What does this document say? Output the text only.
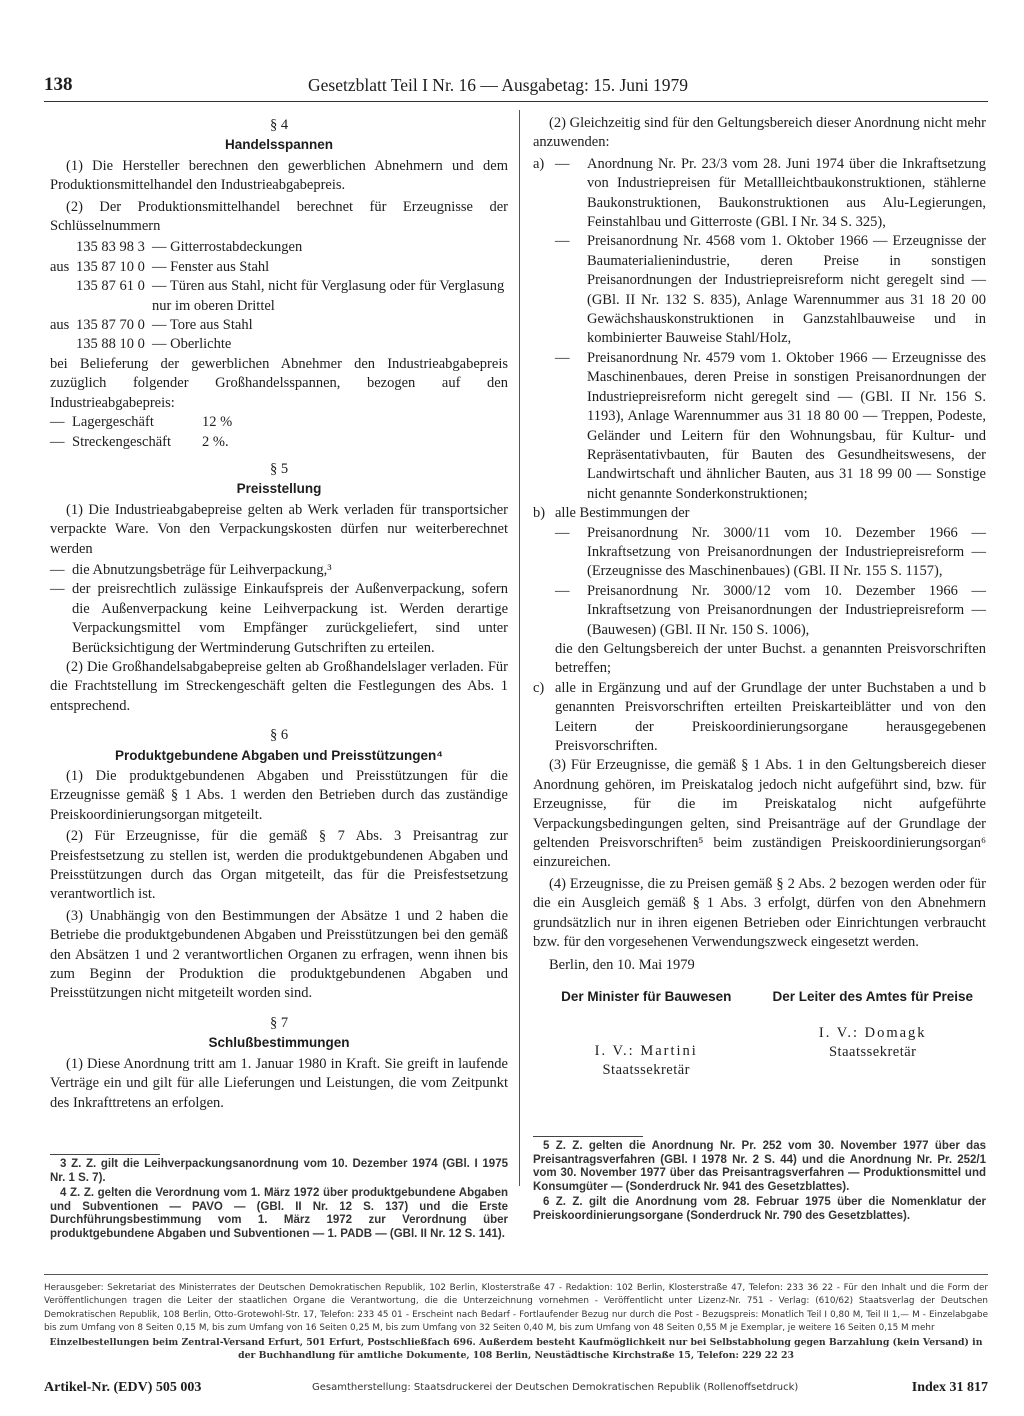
138	Gesetzblatt Teil I Nr. 16 — Ausgabetag: 15. Juni 1979

§ 4

Handelsspannen

(1) Die Hersteller berechnen den gewerblichen Abnehmern und dem Produktionsmittelhandel den Industrieabgabepreis.

(2) Der Produktionsmittelhandel berechnet für Erzeugnisse der Schlüsselnummern

135 83 98 3 — Gitterrostabdeckungen
aus 135 87 10 0 — Fenster aus Stahl
135 87 61 0 — Türen aus Stahl, nicht für Verglasung oder für Verglasung nur im oberen Drittel
aus 135 87 70 0 — Tore aus Stahl
135 88 10 0 — Oberlichte

bei Belieferung der gewerblichen Abnehmer den Industrieabgabepreis zuzüglich folgender Großhandelsspannen, bezogen auf den Industrieabgabepreis:

— Lagergeschäft	12 %
— Streckengeschäft	2 %.

§ 5

Preisstellung

(1) Die Industrieabgabepreise gelten ab Werk verladen für transportsicher verpackte Ware. Von den Verpackungskosten dürfen nur weiterberechnet werden

— die Abnutzungsbeträge für Leihverpackung,³
— der preisrechtlich zulässige Einkaufspreis der Außenverpackung, sofern die Außenverpackung keine Leihverpackung ist. Werden derartige Verpackungsmittel vom Empfänger zurückgeliefert, sind unter Berücksichtigung der Wertminderung Gutschriften zu erteilen.

(2) Die Großhandelsabgabepreise gelten ab Großhandelslager verladen. Für die Frachtstellung im Streckengeschäft gelten die Festlegungen des Abs. 1 entsprechend.

§ 6

Produktgebundene Abgaben und Preisstützungen⁴

(1) Die produktgebundenen Abgaben und Preisstützungen für die Erzeugnisse gemäß § 1 Abs. 1 werden den Betrieben durch das zuständige Preiskoordinierungsorgan mitgeteilt.

(2) Für Erzeugnisse, für die gemäß § 7 Abs. 3 Preisantrag zur Preisfestsetzung zu stellen ist, werden die produktgebundenen Abgaben und Preisstützungen durch das Organ mitgeteilt, das für die Preisfestsetzung verantwortlich ist.

(3) Unabhängig von den Bestimmungen der Absätze 1 und 2 haben die Betriebe die produktgebundenen Abgaben und Preisstützungen bei den gemäß den Absätzen 1 und 2 verantwortlichen Organen zu erfragen, wenn ihnen bis zum Beginn der Produktion die produktgebundenen Abgaben und Preisstützungen nicht mitgeteilt worden sind.

§ 7

Schlußbestimmungen

(1) Diese Anordnung tritt am 1. Januar 1980 in Kraft. Sie greift in laufende Verträge ein und gilt für alle Lieferungen und Leistungen, die vom Zeitpunkt des Inkrafttretens an erfolgen.

(2) Gleichzeitig sind für den Geltungsbereich dieser Anordnung nicht mehr anzuwenden:

a) —	Anordnung Nr. Pr. 23/3 vom 28. Juni 1974 über die Inkraftsetzung von Industriepreisen für Metallleichtbaukonstruktionen, stählerne Baukonstruktionen, Baukonstruktionen aus Alu-Legierungen, Feinstahlbau und Gitterroste (GBl. I Nr. 34 S. 325),
—	Preisanordnung Nr. 4568 vom 1. Oktober 1966 — Erzeugnisse der Baumaterialienindustrie, deren Preise in sonstigen Preisanordnungen der Industriepreisreform nicht geregelt sind — (GBl. II Nr. 132 S. 835), Anlage Warennummer aus 31 18 20 00 Gewächshauskonstruktionen in Ganzstahlbauweise und in kombinierter Bauweise Stahl/Holz,
—	Preisanordnung Nr. 4579 vom 1. Oktober 1966 — Erzeugnisse des Maschinenbaues, deren Preise in sonstigen Preisanordnungen der Industriepreisreform nicht geregelt sind — (GBl. II Nr. 156 S. 1193), Anlage Warennummer aus 31 18 80 00 — Treppen, Podeste, Geländer und Leitern für den Wohnungsbau, für Kultur- und Repräsentativbauten, für Bauten des Gesundheitswesens, der Landwirtschaft und ähnlicher Bauten, aus 31 18 99 00 — Sonstige nicht genannte Sonderkonstruktionen;
b) alle Bestimmungen der

—	Preisanordnung Nr. 3000/11 vom 10. Dezember 1966 — Inkraftsetzung von Preisanordnungen der Industriepreisreform — (Erzeugnisse des Maschinenbaues) (GBl. II Nr. 155 S. 1157),
—	Preisanordnung Nr. 3000/12 vom 10. Dezember 1966 — Inkraftsetzung von Preisanordnungen der Industriepreisreform — (Bauwesen) (GBl. II Nr. 150 S. 1006),

die den Geltungsbereich der unter Buchst. a genannten Preisvorschriften betreffen;

c) alle in Ergänzung und auf der Grundlage der unter Buchstaben a und b genannten Preisvorschriften erteilten Preiskarteiblätter und von den Leitern der Preiskoordinierungsorgane herausgegebenen Preisvorschriften.

(3) Für Erzeugnisse, die gemäß § 1 Abs. 1 in den Geltungsbereich dieser Anordnung gehören, im Preiskatalog jedoch nicht aufgeführt sind, bzw. für Erzeugnisse, für die im Preiskatalog nicht aufgeführte Verpackungsbedingungen gelten, sind Preisanträge auf der Grundlage der geltenden Preisvorschriften⁵ beim zuständigen Preiskoordinierungsorgan⁶ einzureichen.

(4) Erzeugnisse, die zu Preisen gemäß § 2 Abs. 2 bezogen werden oder für die ein Ausgleich gemäß § 1 Abs. 3 erfolgt, dürfen von den Abnehmern grundsätzlich nur in ihren eigenen Betrieben oder Einrichtungen verbraucht bzw. für den vorgesehenen Verwendungszweck eingesetzt werden.

Berlin, den 10. Mai 1979

Der Minister für Bauwesen
I. V.: Martini
Staatssekretär
Der Leiter des Amtes für Preise
I. V.: Domagk
Staatssekretär

3 Z. Z. gilt die Leihverpackungsanordnung vom 10. Dezember 1974 (GBl. I 1975 Nr. 1 S. 7).

4 Z. Z. gelten die Verordnung vom 1. März 1972 über produktgebundene Abgaben und Subventionen — PAVO — (GBl. II Nr. 12 S. 137) und die Erste Durchführungsbestimmung vom 1. März 1972 zur Verordnung über produktgebundene Abgaben und Subventionen — 1. PADB — (GBl. II Nr. 12 S. 141).

5 Z. Z. gelten die Anordnung Nr. Pr. 252 vom 30. November 1977 über das Preisantragsverfahren (GBl. I 1978 Nr. 2 S. 44) und die Anordnung Nr. Pr. 252/1 vom 30. November 1977 über das Preisantragsverfahren — Produktionsmittel und Konsumgüter — (Sonderdruck Nr. 941 des Gesetzblattes).

6 Z. Z. gilt die Anordnung vom 28. Februar 1975 über die Nomenklatur der Preiskoordinierungsorgane (Sonderdruck Nr. 790 des Gesetzblattes).

Herausgeber: Sekretariat des Ministerrates der Deutschen Demokratischen Republik, 102 Berlin, Klosterstraße 47 - Redaktion: 102 Berlin, Klosterstraße 47, Telefon: 233 36 22 - Für den Inhalt und die Form der Veröffentlichungen tragen die Leiter der staatlichen Organe die Verantwortung, die die Unterzeichnung vornehmen - Veröffentlicht unter Lizenz-Nr. 751 - Verlag: (610/62) Staatsverlag der Deutschen Demokratischen Republik, 108 Berlin, Otto-Grotewohl-Str. 17, Telefon: 233 45 01 - Erscheint nach Bedarf - Fortlaufender Bezug nur durch die Post - Bezugspreis: Monatlich Teil I 0,80 M, Teil II 1,— M - Einzelabgabe bis zum Umfang von 8 Seiten 0,15 M, bis zum Umfang von 16 Seiten 0,25 M, bis zum Umfang von 32 Seiten 0,40 M, bis zum Umfang von 48 Seiten 0,55 M je Exemplar, je weitere 16 Seiten 0,15 M mehr

Einzelbestellungen beim Zentral-Versand Erfurt, 501 Erfurt, Postschließfach 696. Außerdem besteht Kaufmöglichkeit nur bei Selbstabholung gegen Barzahlung (kein Versand) in der Buchhandlung für amtliche Dokumente, 108 Berlin, Neustädtische Kirchstraße 15, Telefon: 229 22 23

Artikel-Nr. (EDV) 505 003	Gesamtherstellung: Staatsdruckerei der Deutschen Demokratischen Republik (Rollenoffsetdruck)	Index 31 817
